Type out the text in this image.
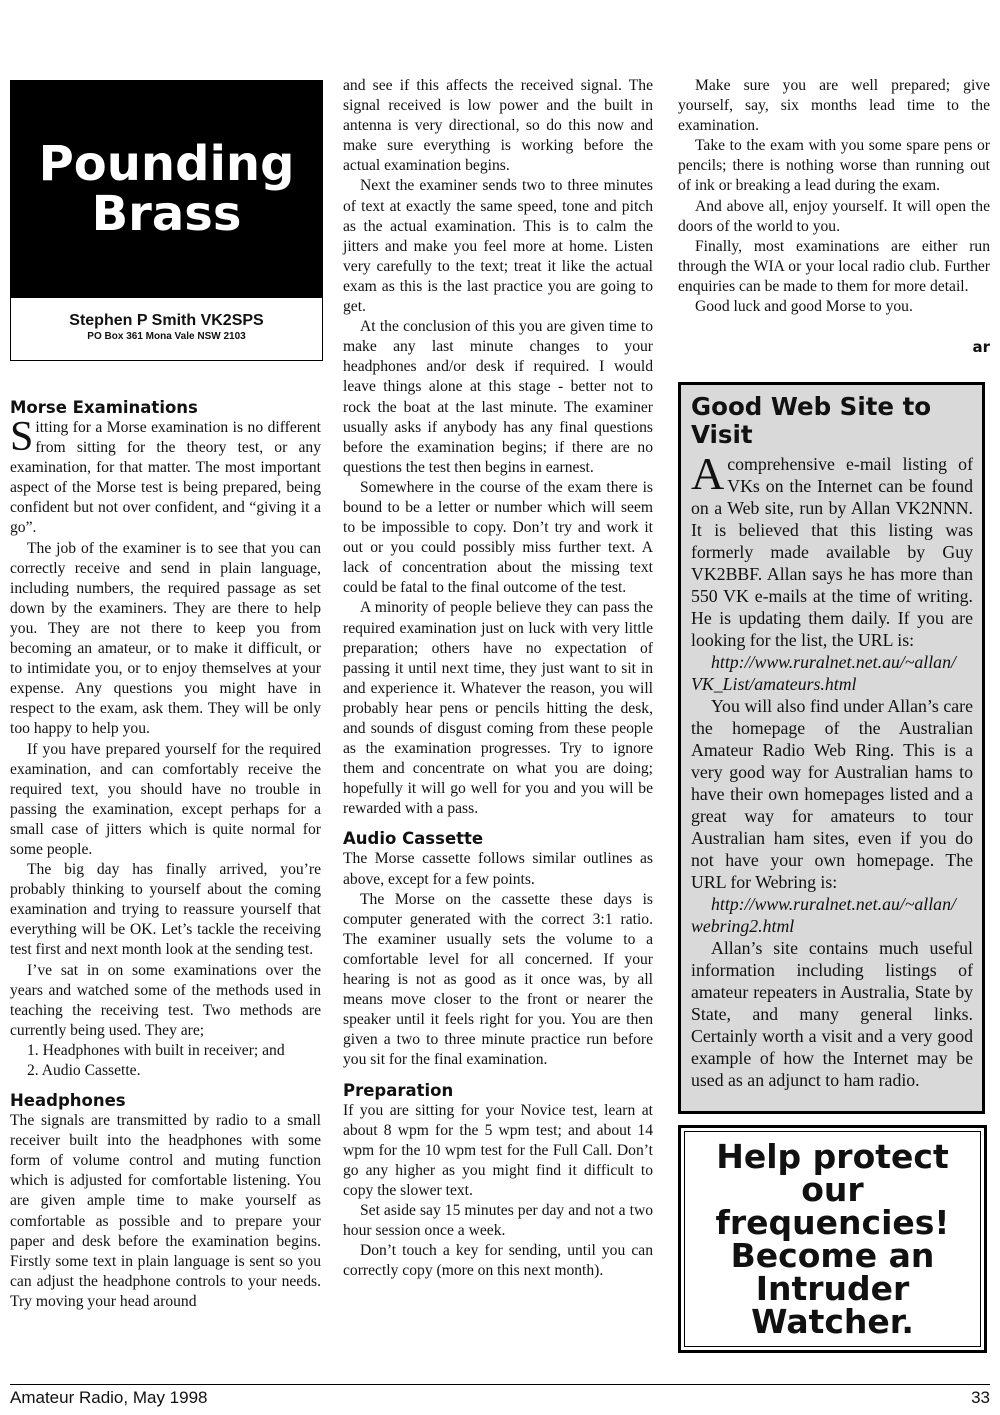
Pounding
Brass
Stephen P Smith VK2SPS
PO Box 361 Mona Vale NSW 2103
Morse Examinations

Sitting for a Morse examination is no different from sitting for the theory test, or any examination, for that matter. The most important aspect of the Morse test is being prepared, being confident but not over confident, and “giving it a go”.

The job of the examiner is to see that you can correctly receive and send in plain language, including numbers, the required passage as set down by the examiners. They are there to help you. They are not there to keep you from becoming an amateur, or to make it difficult, or to intimidate you, or to enjoy themselves at your expense. Any questions you might have in respect to the exam, ask them. They will be only too happy to help you.

If you have prepared yourself for the required examination, and can comfortably receive the required text, you should have no trouble in passing the examination, except perhaps for a small case of jitters which is quite normal for some people.

The big day has finally arrived, you’re probably thinking to yourself about the coming examination and trying to reassure yourself that everything will be OK. Let’s tackle the receiving test first and next month look at the sending test.

I’ve sat in on some examinations over the years and watched some of the methods used in teaching the receiving test. Two methods are currently being used. They are;

1. Headphones with built in receiver; and

2. Audio Cassette.

Headphones

The signals are transmitted by radio to a small receiver built into the headphones with some form of volume control and muting function which is adjusted for comfortable listening. You are given ample time to make yourself as comfortable as possible and to prepare your paper and desk before the examination begins. Firstly some text in plain language is sent so you can adjust the headphone controls to your needs. Try moving your head around

and see if this affects the received signal. The signal received is low power and the built in antenna is very directional, so do this now and make sure everything is working before the actual examination begins.

Next the examiner sends two to three minutes of text at exactly the same speed, tone and pitch as the actual examination. This is to calm the jitters and make you feel more at home. Listen very carefully to the text; treat it like the actual exam as this is the last practice you are going to get.

At the conclusion of this you are given time to make any last minute changes to your headphones and/or desk if required. I would leave things alone at this stage - better not to rock the boat at the last minute. The examiner usually asks if anybody has any final questions before the examination begins; if there are no questions the test then begins in earnest.

Somewhere in the course of the exam there is bound to be a letter or number which will seem to be impossible to copy. Don’t try and work it out or you could possibly miss further text. A lack of concentration about the missing text could be fatal to the final outcome of the test.

A minority of people believe they can pass the required examination just on luck with very little preparation; others have no expectation of passing it until next time, they just want to sit in and experience it. Whatever the reason, you will probably hear pens or pencils hitting the desk, and sounds of disgust coming from these people as the examination progresses. Try to ignore them and concentrate on what you are doing; hopefully it will go well for you and you will be rewarded with a pass.

Audio Cassette

The Morse cassette follows similar outlines as above, except for a few points.

The Morse on the cassette these days is computer generated with the correct 3:1 ratio. The examiner usually sets the volume to a comfortable level for all concerned. If your hearing is not as good as it once was, by all means move closer to the front or nearer the speaker until it feels right for you. You are then given a two to three minute practice run before you sit for the final examination.

Preparation

If you are sitting for your Novice test, learn at about 8 wpm for the 5 wpm test; and about 14 wpm for the 10 wpm test for the Full Call. Don’t go any higher as you might find it difficult to copy the slower text.

Set aside say 15 minutes per day and not a two hour session once a week.

Don’t touch a key for sending, until you can correctly copy (more on this next month).

Make sure you are well prepared; give yourself, say, six months lead time to the examination.

Take to the exam with you some spare pens or pencils; there is nothing worse than running out of ink or breaking a lead during the exam.

And above all, enjoy yourself. It will open the doors of the world to you.

Finally, most examinations are either run through the WIA or your local radio club. Further enquiries can be made to them for more detail.

Good luck and good Morse to you.

ar
Good Web Site to Visit

A comprehensive e-mail listing of VKs on the Internet can be found on a Web site, run by Allan VK2NNN. It is believed that this listing was formerly made available by Guy VK2BBF. Allan says he has more than 550 VK e-mails at the time of writing. He is updating them daily. If you are looking for the list, the URL is:

http://www.ruralnet.net.au/~allan/ VK_List/amateurs.html

You will also find under Allan’s care the homepage of the Australian Amateur Radio Web Ring. This is a very good way for Australian hams to have their own homepages listed and a great way for amateurs to tour Australian ham sites, even if you do not have your own homepage. The URL for Webring is:

http://www.ruralnet.net.au/~allan/ webring2.html

Allan’s site contains much useful information including listings of amateur repeaters in Australia, State by State, and many general links. Certainly worth a visit and a very good example of how the Internet may be used as an adjunct to ham radio.

Help protect
our
frequencies!
Become an
Intruder
Watcher.
Amateur Radio, May 1998	33
